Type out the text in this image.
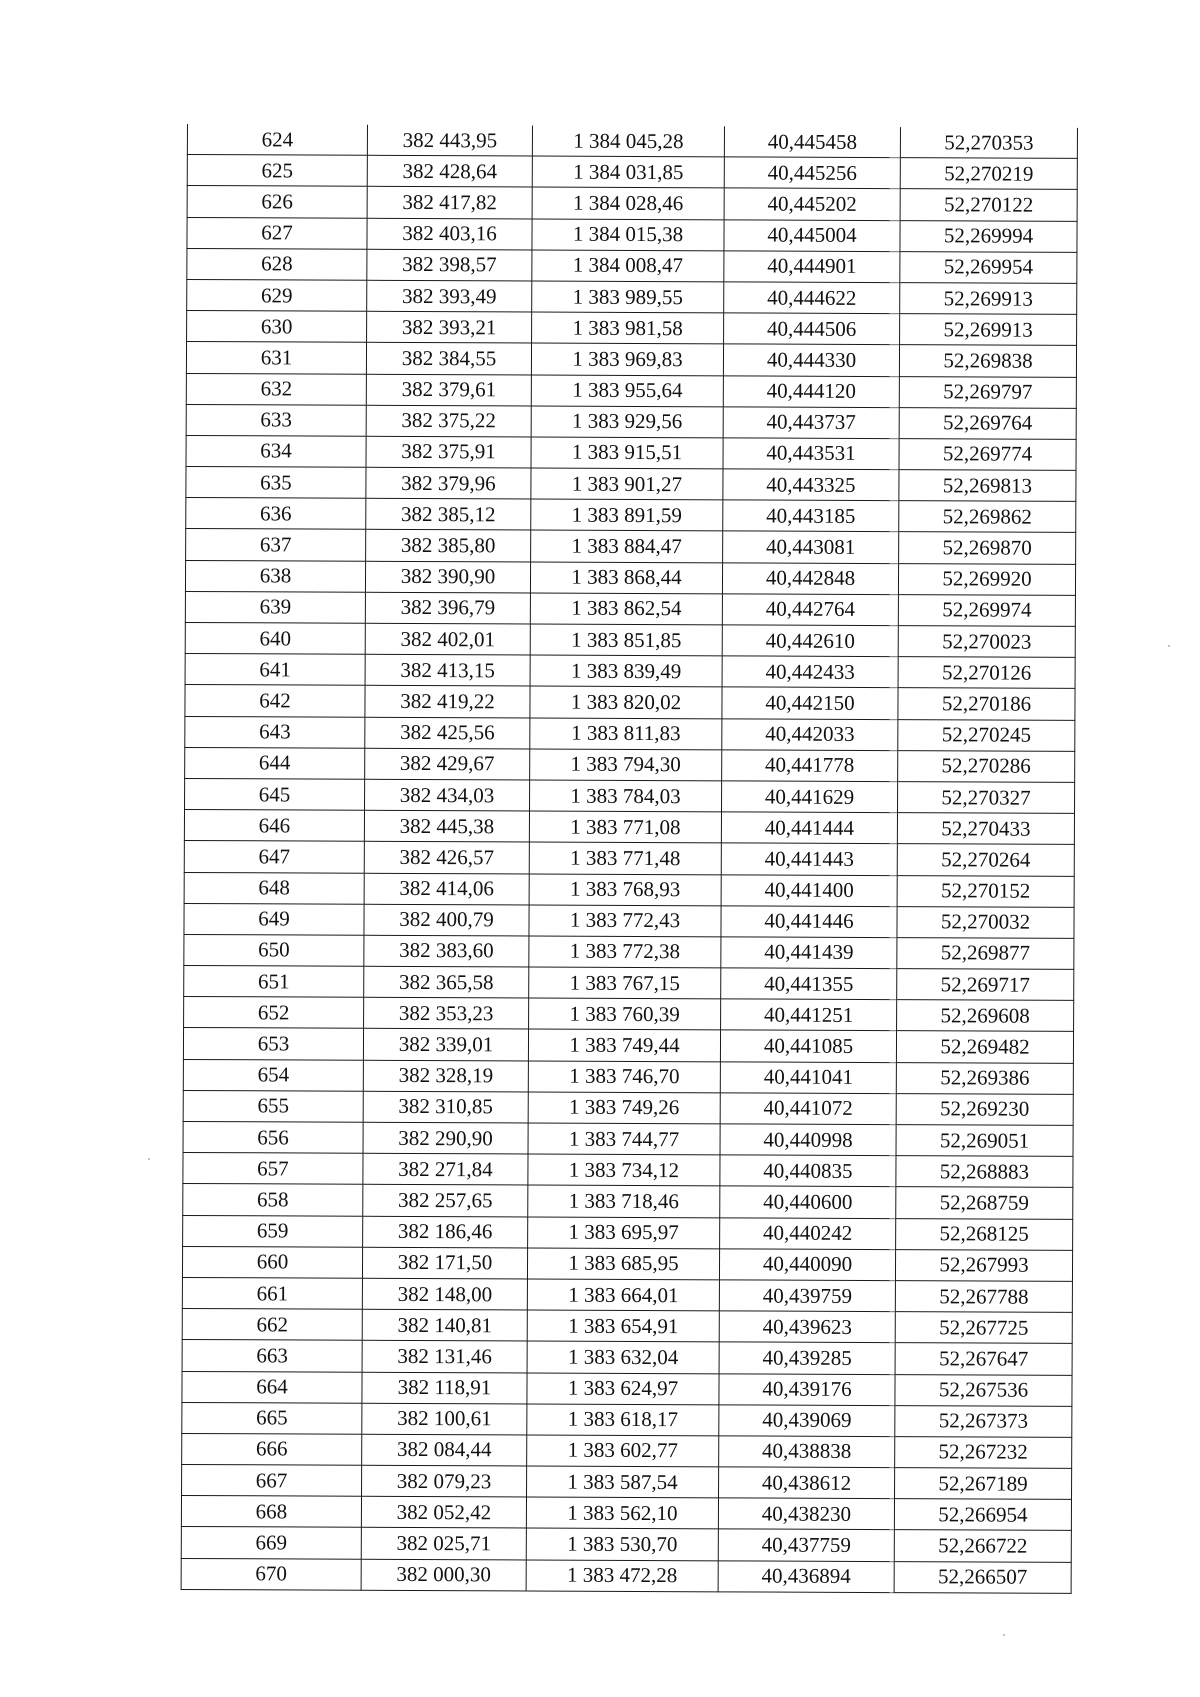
624	382 443,95	1 384 045,28	40,445458	52,270353
625	382 428,64	1 384 031,85	40,445256	52,270219
626	382 417,82	1 384 028,46	40,445202	52,270122
627	382 403,16	1 384 015,38	40,445004	52,269994
628	382 398,57	1 384 008,47	40,444901	52,269954
629	382 393,49	1 383 989,55	40,444622	52,269913
630	382 393,21	1 383 981,58	40,444506	52,269913
631	382 384,55	1 383 969,83	40,444330	52,269838
632	382 379,61	1 383 955,64	40,444120	52,269797
633	382 375,22	1 383 929,56	40,443737	52,269764
634	382 375,91	1 383 915,51	40,443531	52,269774
635	382 379,96	1 383 901,27	40,443325	52,269813
636	382 385,12	1 383 891,59	40,443185	52,269862
637	382 385,80	1 383 884,47	40,443081	52,269870
638	382 390,90	1 383 868,44	40,442848	52,269920
639	382 396,79	1 383 862,54	40,442764	52,269974
640	382 402,01	1 383 851,85	40,442610	52,270023
641	382 413,15	1 383 839,49	40,442433	52,270126
642	382 419,22	1 383 820,02	40,442150	52,270186
643	382 425,56	1 383 811,83	40,442033	52,270245
644	382 429,67	1 383 794,30	40,441778	52,270286
645	382 434,03	1 383 784,03	40,441629	52,270327
646	382 445,38	1 383 771,08	40,441444	52,270433
647	382 426,57	1 383 771,48	40,441443	52,270264
648	382 414,06	1 383 768,93	40,441400	52,270152
649	382 400,79	1 383 772,43	40,441446	52,270032
650	382 383,60	1 383 772,38	40,441439	52,269877
651	382 365,58	1 383 767,15	40,441355	52,269717
652	382 353,23	1 383 760,39	40,441251	52,269608
653	382 339,01	1 383 749,44	40,441085	52,269482
654	382 328,19	1 383 746,70	40,441041	52,269386
655	382 310,85	1 383 749,26	40,441072	52,269230
656	382 290,90	1 383 744,77	40,440998	52,269051
657	382 271,84	1 383 734,12	40,440835	52,268883
658	382 257,65	1 383 718,46	40,440600	52,268759
659	382 186,46	1 383 695,97	40,440242	52,268125
660	382 171,50	1 383 685,95	40,440090	52,267993
661	382 148,00	1 383 664,01	40,439759	52,267788
662	382 140,81	1 383 654,91	40,439623	52,267725
663	382 131,46	1 383 632,04	40,439285	52,267647
664	382 118,91	1 383 624,97	40,439176	52,267536
665	382 100,61	1 383 618,17	40,439069	52,267373
666	382 084,44	1 383 602,77	40,438838	52,267232
667	382 079,23	1 383 587,54	40,438612	52,267189
668	382 052,42	1 383 562,10	40,438230	52,266954
669	382 025,71	1 383 530,70	40,437759	52,266722
670	382 000,30	1 383 472,28	40,436894	52,266507
